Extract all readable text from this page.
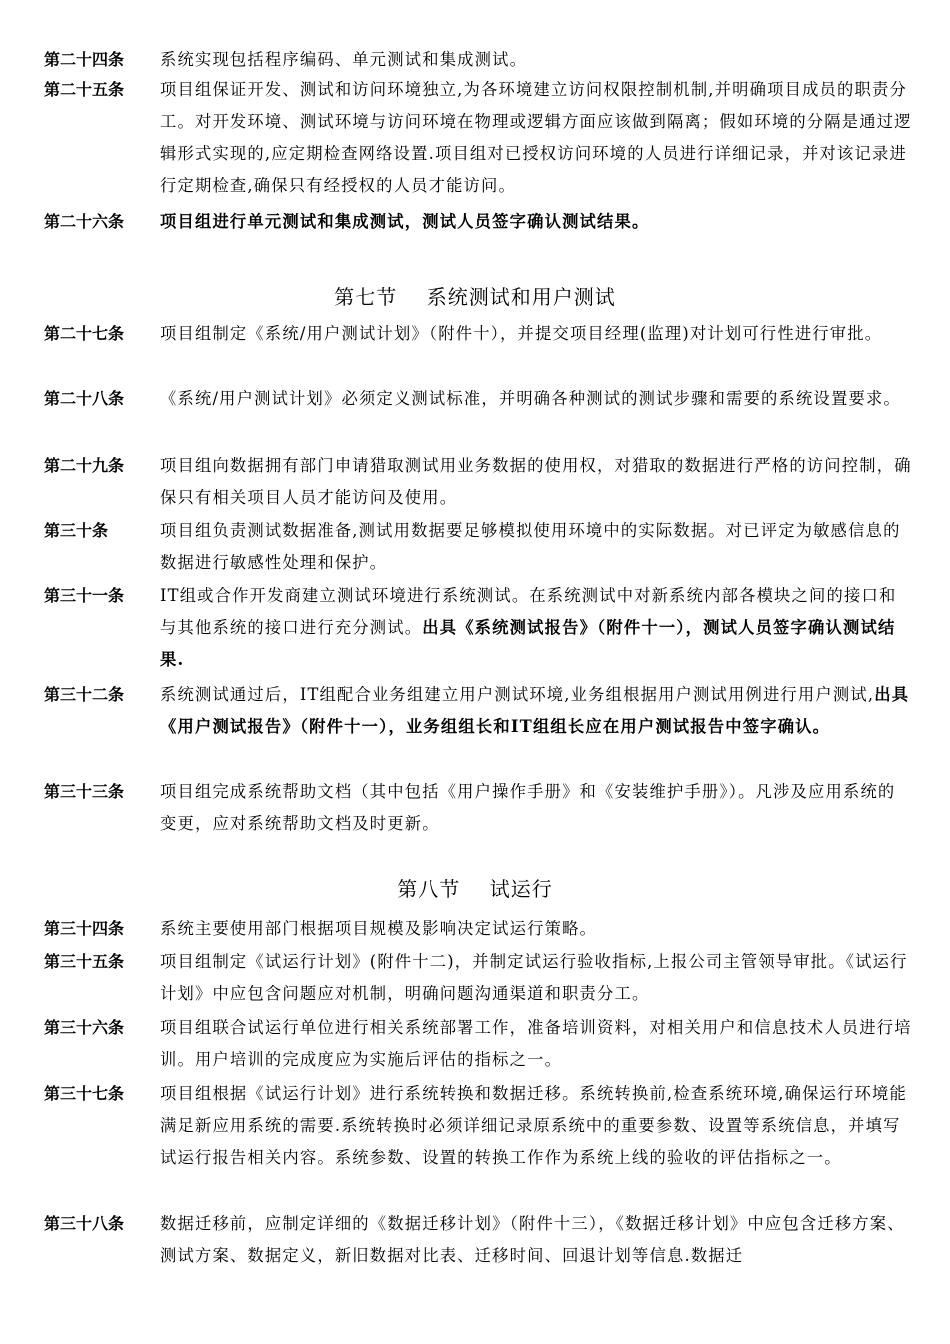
第二十四条 系统实现包括程序编码、单元测试和集成测试。
第二十五条 项目组保证开发、测试和访问环境独立,为各环境建立访问权限控制机制,并明确项目成员的职责分工。对开发环境、测试环境与访问环境在物理或逻辑方面应该做到隔离；假如环境的分隔是通过逻辑形式实现的,应定期检查网络设置.项目组对已授权访问环境的人员进行详细记录，并对该记录进行定期检查,确保只有经授权的人员才能访问。
第二十六条 项目组进行单元测试和集成测试，测试人员签字确认测试结果。
第七节    系统测试和用户测试
第二十七条 项目组制定《系统/用户测试计划》（附件十），并提交项目经理(监理)对计划可行性进行审批。
第二十八条 《系统/用户测试计划》必须定义测试标准，并明确各种测试的测试步骤和需要的系统设置要求。
第二十九条 项目组向数据拥有部门申请猎取测试用业务数据的使用权，对猎取的数据进行严格的访问控制，确保只有相关项目人员才能访问及使用。
第三十条	项目组负责测试数据准备,测试用数据要足够模拟使用环境中的实际数据。对已评定为敏感信息的数据进行敏感性处理和保护。
第三十一条 IT组或合作开发商建立测试环境进行系统测试。在系统测试中对新系统内部各模块之间的接口和与其他系统的接口进行充分测试。出具《系统测试报告》（附件十一），测试人员签字确认测试结果.
第三十二条 系统测试通过后，IT组配合业务组建立用户测试环境,业务组根据用户测试用例进行用户测试,出具《用户测试报告》（附件十一），业务组组长和IT组组长应在用户测试报告中签字确认。
第三十三条 项目组完成系统帮助文档（其中包括《用户操作手册》和《安装维护手册》）。凡涉及应用系统的变更，应对系统帮助文档及时更新。
第八节    试运行
第三十四条 系统主要使用部门根据项目规模及影响决定试运行策略。
第三十五条 项目组制定《试运行计划》(附件十二)，并制定试运行验收指标,上报公司主管领导审批。《试运行计划》中应包含问题应对机制，明确问题沟通渠道和职责分工。
第三十六条 项目组联合试运行单位进行相关系统部署工作，准备培训资料，对相关用户和信息技术人员进行培训。用户培训的完成度应为实施后评估的指标之一。
第三十七条 项目组根据《试运行计划》进行系统转换和数据迁移。系统转换前,检查系统环境,确保运行环境能满足新应用系统的需要.系统转换时必须详细记录原系统中的重要参数、设置等系统信息，并填写试运行报告相关内容。系统参数、设置的转换工作作为系统上线的验收的评估指标之一。
第三十八条 数据迁移前，应制定详细的《数据迁移计划》（附件十三），《数据迁移计划》中应包含迁移方案、测试方案、数据定义，新旧数据对比表、迁移时间、回退计划等信息.数据迁
